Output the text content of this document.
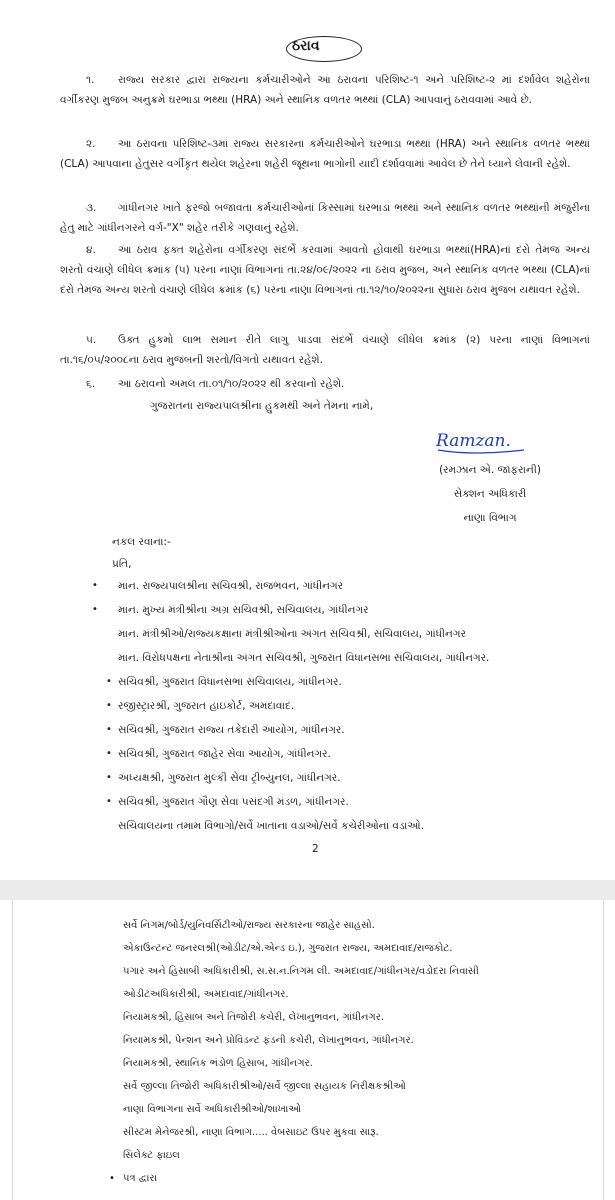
ઠરાવ
૧. રાજ્ય સરકાર દ્વારા રાજ્યના કર્મચારીઓને આ ઠરાવના પરિશિષ્ટ-૧ અને પરિશિષ્ટ-૨ માં દર્શાવેલ શહેરોના વર્ગીકરણ મુજબ અનુક્રમે ઘરભાડા ભથ્થા (HRA) અને સ્થાનિક વળતર ભથ્થાં (CLA) આપવાનું ઠરાવવામાં આવે છે.
૨. આ ઠરાવના પરિશિષ્ટ-૩માં રાજ્ય સરકારના કર્મચારીઓને ઘરભાડા ભથ્થાં (HRA) અને સ્થાનિક વળતર ભથ્થાં (CLA) આપવાના હેતુસર વર્ગીકૃત થયેલ શહેરના શહેરી જૂથના ભાગોની યાદી દર્શાવવામાં આવેલ છે તેને ધ્યાને લેવાની રહેશે.
૩. ગાંધીનગર ખાતે ફરજો બજાવતા કર્મચારીઓનાં કિસ્સામાં ઘરભાડા ભથ્થાં અને સ્થાનિક વળતર ભથ્થાંની મંજુરીના હેતુ માટે ગાંધીનગરને વર્ગ-"X" શહેર તરીકે ગણવાનું રહેશે.
૪. આ ઠરાવ ફક્ત શહેરોના વર્ગીકરણ સંદર્ભે કરવામાં આવતો હોવાથી ઘરભાડા ભથ્થાં(HRA)નાં દરો તેમજ અન્ય શરતો વંચાણે લીધેલ ક્રમાંક (૫) પરના નાણાં વિભાગનાં તા.૨૪/૦૯/૨૦૨૨ ના ઠરાવ મુજબ, અને સ્થાનિક વળતર ભથ્થા (CLA)નાં દરો તેમજ અન્ય શરતો વંચાણે લીધેલ ક્રમાંક (૬) પરના નાણા વિભાગનાં તા.૧૨/૧૦/૨૦૨૨ના સુધારા ઠરાવ મુજબ યથાવત રહેશે.
૫. ઉક્ત હુકમો લાભ સમાન રીતે લાગુ પાડવા સંદર્ભે વંચાણે લીધેલ ક્રમાંક (૨) પરના નાણાં વિભાગનાં તા.૧૬/૦૫/૨૦૦૮ના ઠરાવ મુજબની શરતો/વિગતો યથાવત રહેશે.
૬. આ ઠરાવનો અમલ તા.૦૧/૧૦/૨૦૨૨ થી કરવાનો રહેશે.
ગુજરાતના રાજ્યપાલશ્રીના હુકમથી અને તેમના નામે,
Ramzan.
(રમઝાન એ. જાફરાની)
સેક્શન અધિકારી
નાણા વિભાગ
નકલ રવાના:-
પ્રતિ,
• માન. રાજ્યપાલશ્રીના સચિવશ્રી, રાજભવન, ગાંધીનગર
• માન. મુખ્ય મંત્રીશ્રીના અગ્ર સચિવશ્રી, સચિવાલય, ગાંધીનગર
માન. મંત્રીશ્રીઓ/રાજ્યકક્ષાના મંત્રીશ્રીઓના અંગત સચિવશ્રી, સચિવાલય, ગાંધીનગર
માન. વિરોધપક્ષના નેતાશ્રીના અંગત સચિવશ્રી, ગુજરાત વિધાનસભા સચિવાલય, ગાંધીનગર.
• સચિવશ્રી, ગુજરાત વિધાનસભા સચિવાલય, ગાંધીનગર.
• રજીસ્ટ્રારશ્રી, ગુજરાત હાઇકોર્ટ, અમદાવાદ.
• સચિવશ્રી, ગુજરાત રાજ્ય તકેદારી આયોગ, ગાંધીનગર.
• સચિવશ્રી, ગુજરાત જાહેર સેવા આયોગ, ગાંધીનગર.
• અધ્યક્ષશ્રી, ગુજરાત મુલ્કી સેવા ટ્રીબ્યુનલ, ગાંધીનગર.
• સચિવશ્રી, ગુજરાત ગૌણ સેવા પસંદગી મંડળ, ગાંધીનગર.
સચિવાલયના તમામ વિભાગો/સર્વે ખાતાના વડાઓ/સર્વે કચેરીઓના વડાઓ.
2
સર્વે નિગમ/બોર્ડ/યુનિવર્સિટીઓ/રાજ્ય સરકારના જાહેર સાહસો.
એકાઉન્ટન્ટ જનરલશ્રી(ઓડીટ/એ.એન્ડ ઇ.), ગુજરાત રાજ્ય, અમદાવાદ/રાજકોટ.
પગાર અને હિસાબી અધિકારીશ્રી, સ.સ.ન.નિગમ લી. અમદાવાદ/ગાંધીનગર/વડોદરા નિવાસી
ઓડીટઅધિકારીશ્રી, અમદાવાદ/ગાંધીનગર.
નિયામકશ્રી, હિસાબ અને તિજોરી કચેરી, લેખાનુભવન, ગાંધીનગર.
નિયામકશ્રી, પેન્શન અને પ્રોવિડન્ટ ફંડની કચેરી, લેખાનુભવન, ગાંધીનગર.
નિયામકશ્રી, સ્થાનિક ભંડોળ હિસાબ, ગાંધીનગર.
સર્વે જીલ્લા તિજોરી અધિકારીશ્રીઓ/સર્વે જીલ્લા સહાયક નિરીક્ષકશ્રીઓ
નાણા વિભાગના સર્વે અધિકારીશ્રીઓ/શાખાઓ
સીસ્ટમ મેનેજરશ્રી, નાણા વિભાગ..... વેબસાઇટ ઉપર મુકવા સારૂ.
સિલેક્ટ ફાઇલ
• પત્ર દ્વારા
